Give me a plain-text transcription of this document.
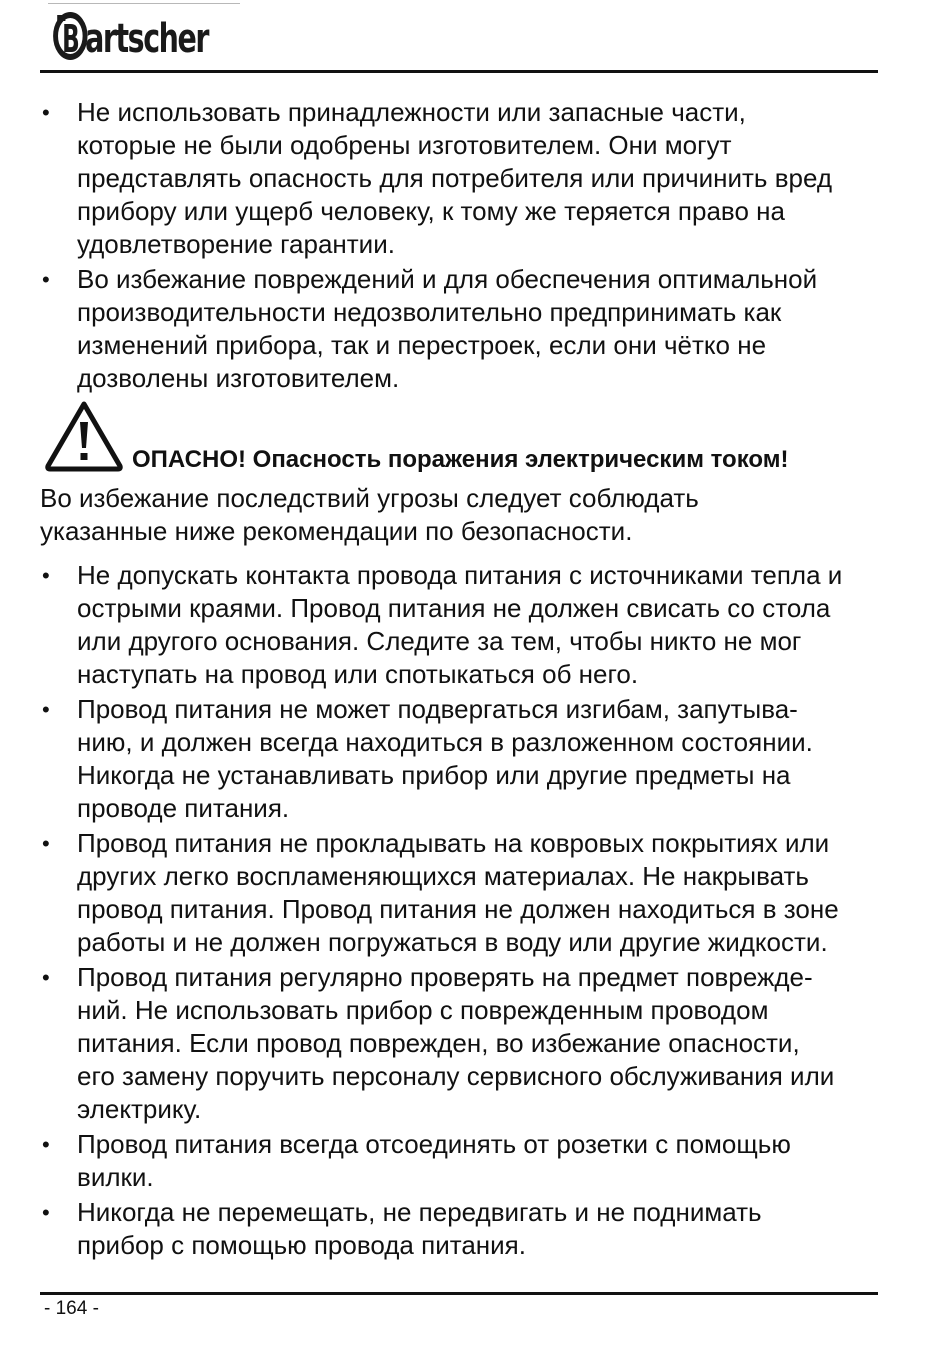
B artscher
• Не использовать принадлежности или запасные части,
которые не были одобрены изготовителем. Они могут
представлять опасность для потребителя или причинить вред
прибору или ущерб человеку, к тому же теряется право на
удовлетворение гарантии.
• Во избежание повреждений и для обеспечения оптимальной
производительности недозволительно предпринимать как
изменений прибора, так и перестроек, если они чётко не
дозволены изготовителем.
ОПАСНО! Опасность поражения электрическим током!
Во избежание последствий угрозы следует соблюдать
указанные ниже рекомендации по безопасности.
• Не допускать контакта провода питания с источниками тепла и
острыми краями. Провод питания не должен свисать со стола
или другого основания. Следите за тем, чтобы никто не мог
наступать на провод или спотыкаться об него.
• Провод питания не может подвергаться изгибам, запутыва-
нию, и должен всегда находиться в разложенном состоянии.
Никогда не устанавливать прибор или другие предметы на
проводе питания.
• Провод питания не прокладывать на ковровых покрытиях или
других легко воспламеняющихся материалах. Не накрывать
провод питания. Провод питания не должен находиться в зоне
работы и не должен погружаться в воду или другие жидкости.
• Провод питания регулярно проверять на предмет поврежде-
ний. Не использовать прибор с поврежденным проводом
питания. Если провод поврежден, во избежание опасности,
его замену поручить персоналу сервисного обслуживания или
электрику.
• Провод питания всегда отсоединять от розетки с помощью
вилки.
• Никогда не перемещать, не передвигать и не поднимать
прибор с помощью провода питания.
- 164 -
